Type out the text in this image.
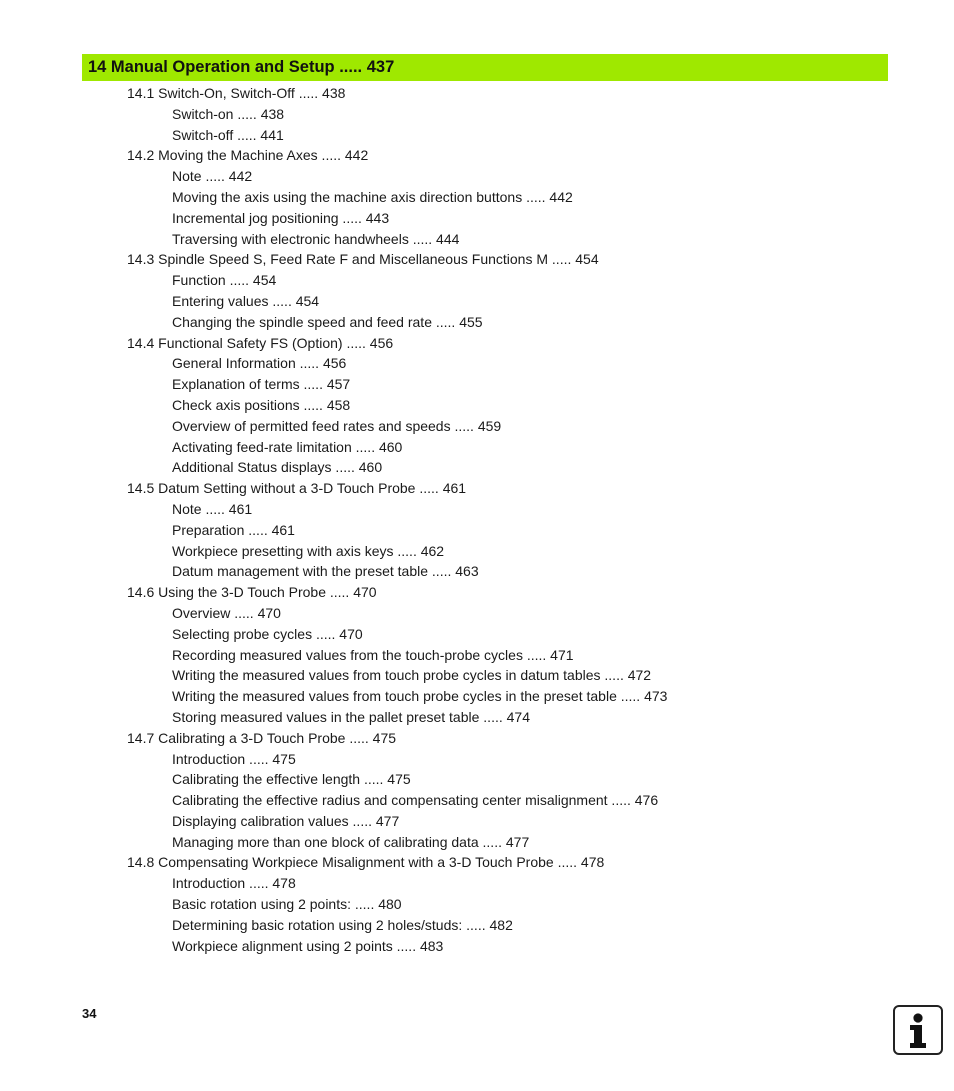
14 Manual Operation and Setup ..... 437
14.1 Switch-On, Switch-Off ..... 438
Switch-on ..... 438
Switch-off ..... 441
14.2 Moving the Machine Axes ..... 442
Note ..... 442
Moving the axis using the machine axis direction buttons ..... 442
Incremental jog positioning ..... 443
Traversing with electronic handwheels ..... 444
14.3 Spindle Speed S, Feed Rate F and Miscellaneous Functions M ..... 454
Function ..... 454
Entering values ..... 454
Changing the spindle speed and feed rate ..... 455
14.4 Functional Safety FS (Option) ..... 456
General Information ..... 456
Explanation of terms ..... 457
Check axis positions ..... 458
Overview of permitted feed rates and speeds ..... 459
Activating feed-rate limitation ..... 460
Additional Status displays ..... 460
14.5 Datum Setting without a 3-D Touch Probe ..... 461
Note ..... 461
Preparation ..... 461
Workpiece presetting with axis keys ..... 462
Datum management with the preset table ..... 463
14.6 Using the 3-D Touch Probe ..... 470
Overview ..... 470
Selecting probe cycles ..... 470
Recording measured values from the touch-probe cycles ..... 471
Writing the measured values from touch probe cycles in datum tables ..... 472
Writing the measured values from touch probe cycles in the preset table ..... 473
Storing measured values in the pallet preset table ..... 474
14.7 Calibrating a 3-D Touch Probe ..... 475
Introduction ..... 475
Calibrating the effective length ..... 475
Calibrating the effective radius and compensating center misalignment ..... 476
Displaying calibration values ..... 477
Managing more than one block of calibrating data ..... 477
14.8 Compensating Workpiece Misalignment with a 3-D Touch Probe ..... 478
Introduction ..... 478
Basic rotation using 2 points: ..... 480
Determining basic rotation using 2 holes/studs: ..... 482
Workpiece alignment using 2 points ..... 483
34
